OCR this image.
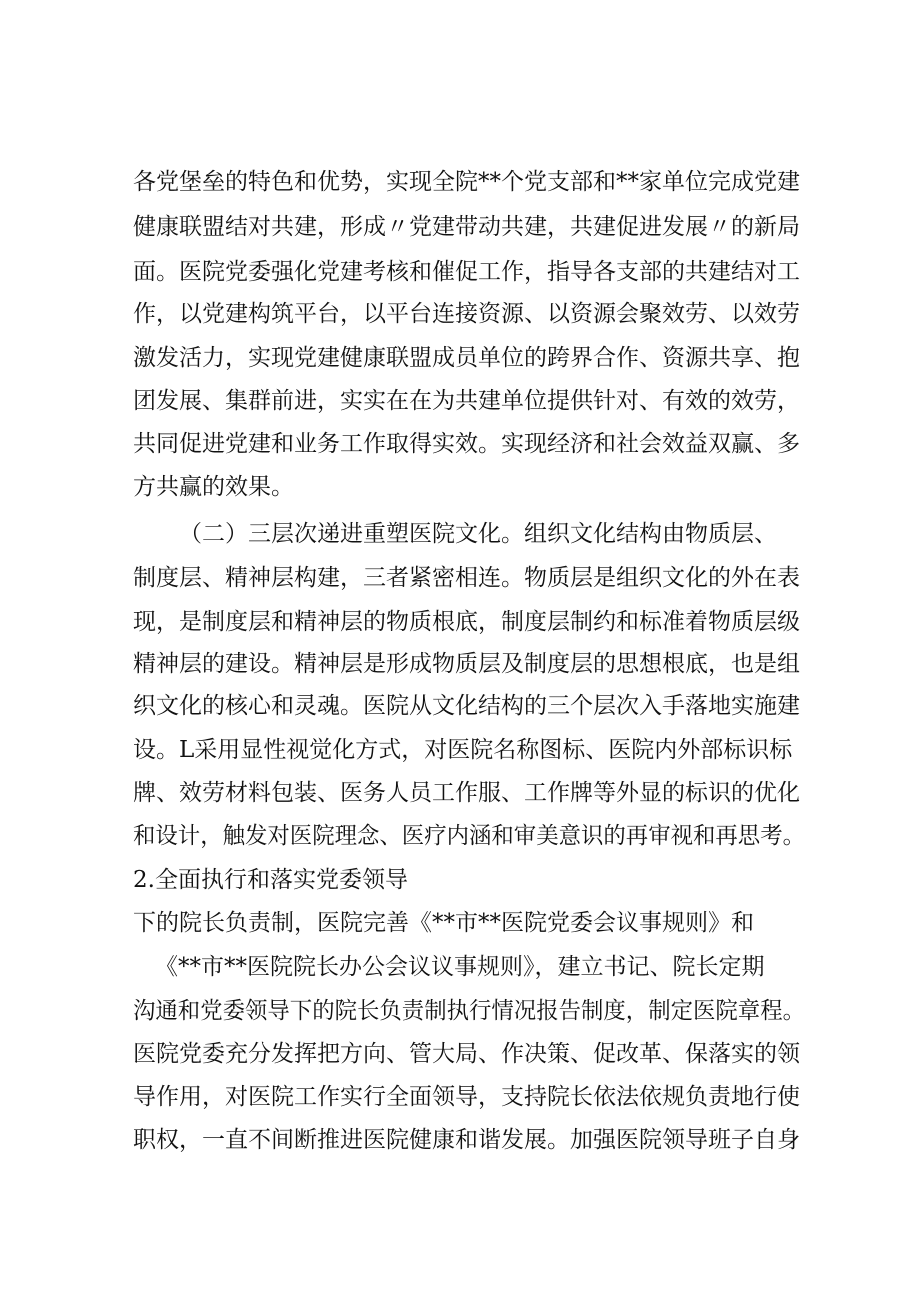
各党堡垒的特色和优势，实现全院**个党支部和**家单位完成党建

健康联盟结对共建，形成〃党建带动共建，共建促进发展〃的新局

面。医院党委强化党建考核和催促工作，指导各支部的共建结对工

作，以党建构筑平台，以平台连接资源、以资源会聚效劳、以效劳

激发活力，实现党建健康联盟成员单位的跨界合作、资源共享、抱

团发展、集群前进，实实在在为共建单位提供针对、有效的效劳，

共同促进党建和业务工作取得实效。实现经济和社会效益双赢、多

方共赢的效果。

（二）三层次递进重塑医院文化。组织文化结构由物质层、

制度层、精神层构建，三者紧密相连。物质层是组织文化的外在表

现，是制度层和精神层的物质根底，制度层制约和标准着物质层级

精神层的建设。精神层是形成物质层及制度层的思想根底，也是组

织文化的核心和灵魂。医院从文化结构的三个层次入手落地实施建

设。L采用显性视觉化方式，对医院名称图标、医院内外部标识标

牌、效劳材料包装、医务人员工作服、工作牌等外显的标识的优化

和设计，触发对医院理念、医疗内涵和审美意识的再审视和再思考。

2.全面执行和落实党委领导

下的院长负责制，医院完善《**市**医院党委会议事规则》和

《**市**医院院长办公会议议事规则》，建立书记、院长定期

沟通和党委领导下的院长负责制执行情况报告制度，制定医院章程。

医院党委充分发挥把方向、管大局、作决策、促改革、保落实的领

导作用，对医院工作实行全面领导，支持院长依法依规负责地行使

职权，一直不间断推进医院健康和谐发展。加强医院领导班子自身
